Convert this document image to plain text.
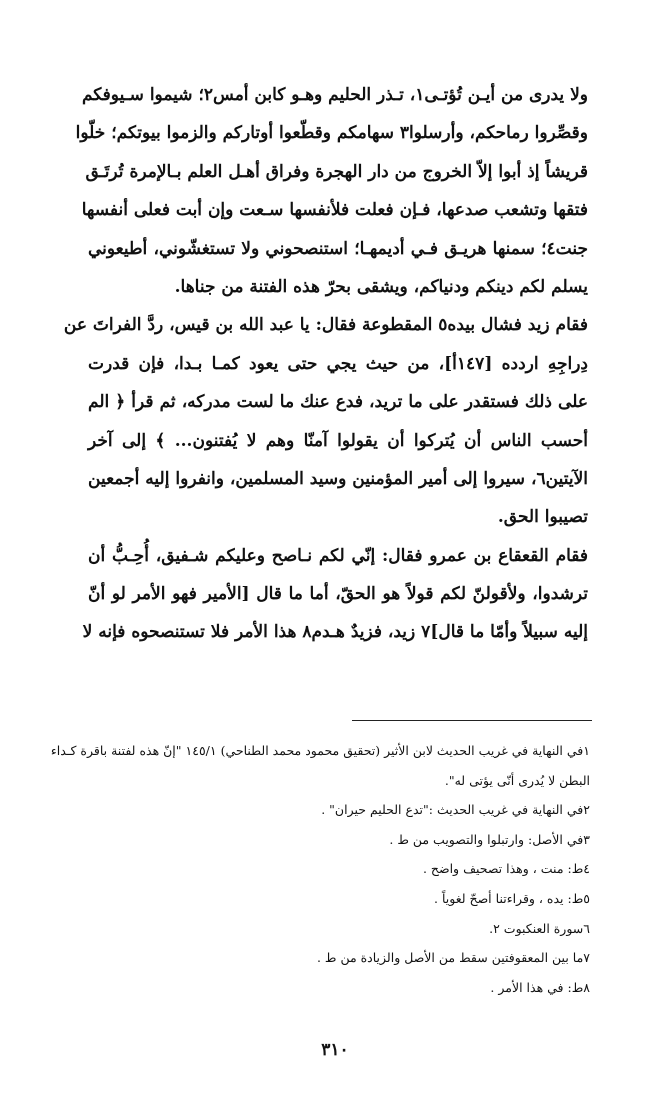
ولا يدرى من أيـن تُؤتـى١، تـذر الحليم وهـو كابن أمس٢؛ شيموا سـيوفكم
وقصِّروا رماحكم، وأرسلوا٣ سهامكم وقطّعوا أوتاركم والزموا بيوتكم؛ خلّوا
قريشاً إذ أبوا إلاّ الخروج من دار الهجرة وفراق أهـل العلم بـالإمرة تُرتَـق
فتقها وتشعب صدعها، فـإن فعلت فلأنفسها سـعت وإن أبت فعلى أنفسها
جنت٤؛ سمنها هريـق فـي أديمهـا؛ استنصحوني ولا تستغشّوني، أطيعوني
يسلم لكم دينكم ودنياكم، ويشقى بحرّ هذه الفتنة من جناها.
فقام زيد فشال بيده٥ المقطوعة فقال: يا عبد الله بن قيس، ردَّ الفراتَ عن
دِراجِهِ اردده [١٤٧أ]، من حيث يجي حتى يعود كمـا بـدا، فإن قدرت
على ذلك فستقدر على ما تريد، فدع عنك ما لست مدركه، ثم قرأ ﴿ الم
أحسب الناس أن يُتركوا أن يقولوا آمنّا وهم لا يُفتنون... ﴾ إلى آخر
الآيتين٦، سيروا إلى أمير المؤمنين وسيد المسلمين، وانفروا إليه أجمعين
تصيبوا الحق.
فقام القعقاع بن عمرو فقال: إنّي لكم نـاصح وعليكم شـفيق، أُحِـبُّ أن
ترشدوا، ولأقولنّ لكم قولاً هو الحقّ، أما ما قال [الأمير فهو الأمر لو أنّ
إليه سبيلاً وأمّا ما قال]٧ زيد، فزيدٌ هـدم٨ هذا الأمر فلا تستنصحوه فإنه لا
١في النهاية في غريب الحديث لابن الأثير (تحقيق محمود محمد الطناحي) ١٤٥/١ "إنّ هذه لفتنة باقرة كـداء
البطن لا يُدرى أنّى يؤتى له".
٢في النهاية في غريب الحديث :"تدع الحليم حيران" .
٣في الأصل: وارتبلوا والتصويب من ط .
٤ط: منت ، وهذا تصحيف واضح .
٥ط: يده ، وقراءتنا أصحّ لغوياً .
٦سورة العنكبوت ٢.
٧ما بين المعقوفتين سقط من الأصل والزيادة من ط .
٨ط: في هذا الأمر .
٣١٠
